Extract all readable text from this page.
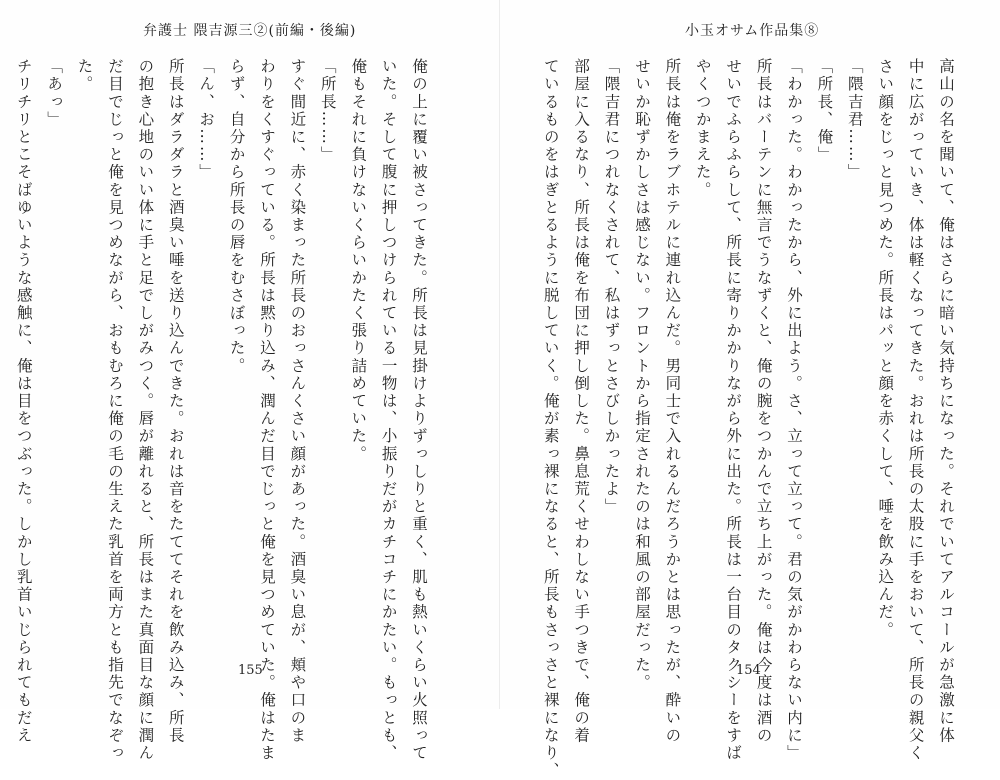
弁護士 隈吉源三②(前編・後編)
俺の上に覆い被さってきた。所長は見掛けよりずっしりと重く、肌も熱いくらい火照って
いた。そして腹に押しつけられている一物は、小振りだがカチコチにかたい。もっとも、
俺もそれに負けないくらいかたく張り詰めていた。
「所長……」
すぐ間近に、赤く染まった所長のおっさんくさい顔があった。酒臭い息が、頬や口のま
わりをくすぐっている。所長は黙り込み、潤んだ目でじっと俺を見つめていた。俺はたま
らず、自分から所長の唇をむさぼった。
「ん、お……」
所長はダラダラと酒臭い唾を送り込んできた。おれは音をたててそれを飲み込み、所長
の抱き心地のいい体に手と足でしがみつく。唇が離れると、所長はまた真面目な顔に潤ん
だ目でじっと俺を見つめながら、おもむろに俺の毛の生えた乳首を両方とも指先でなぞっ
た。
「あっ」
チリチリとこそばゆいような感触に、俺は目をつぶった。しかし乳首いじられてもだえ	155
小玉オサム作品集⑧
高山の名を聞いて、俺はさらに暗い気持ちになった。それでいてアルコールが急激に体
中に広がっていき、体は軽くなってきた。おれは所長の太股に手をおいて、所長の親父く
さい顔をじっと見つめた。所長はパッと顔を赤くして、唾を飲み込んだ。
「隈吉君……」
「所長、俺」
「わかった。わかったから、外に出よう。さ、立って立って。君の気がかわらない内に」
所長はバーテンに無言でうなずくと、俺の腕をつかんで立ち上がった。俺は今度は酒の
せいでふらふらして、所長に寄りかかりながら外に出た。所長は一台目のタクシーをすば
やくつかまえた。
所長は俺をラブホテルに連れ込んだ。男同士で入れるんだろうかとは思ったが、酔いの
せいか恥ずかしさは感じない。フロントから指定されたのは和風の部屋だった。
「隈吉君につれなくされて、私はずっとさびしかったよ」
部屋に入るなり、所長は俺を布団に押し倒した。鼻息荒くせわしない手つきで、俺の着
ているものをはぎとるように脱していく。俺が素っ裸になると、所長もさっさと裸になり、	154
